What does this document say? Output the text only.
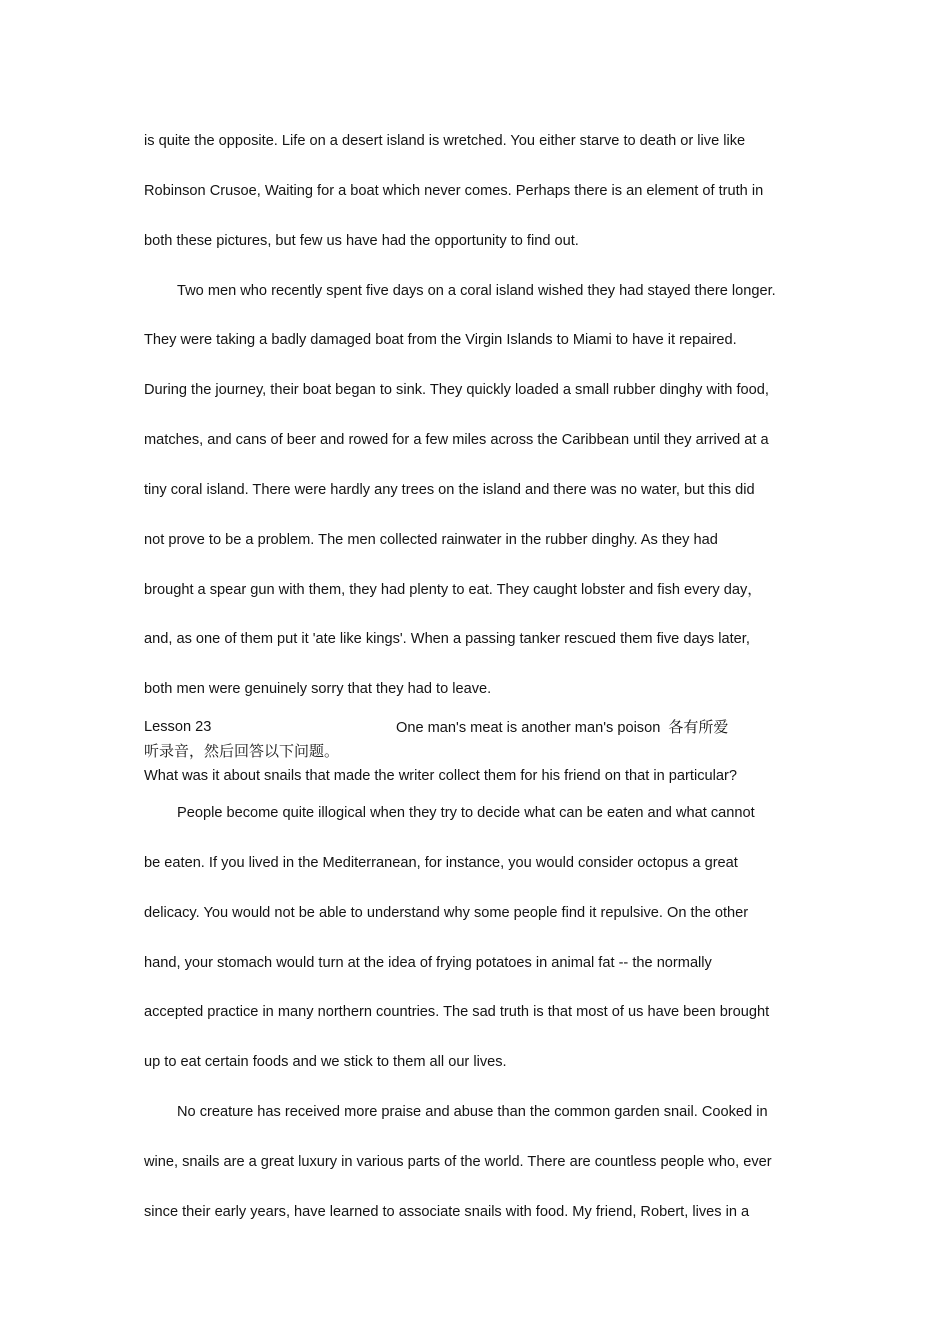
is quite the opposite. Life on a desert island is wretched. You either starve to death or live like
Robinson Crusoe, Waiting for a boat which never comes. Perhaps there is an element of truth in
both these pictures, but few us have had the opportunity to find out.
Two men who recently spent five days on a coral island wished they had stayed there longer.
They were taking a badly damaged boat from the Virgin Islands to Miami to have it repaired.
During the journey, their boat began to sink. They quickly loaded a small rubber dinghy with food,
matches, and cans of beer and rowed for a few miles across the Caribbean until they arrived at a
tiny coral island. There were hardly any trees on the island and there was no water, but this did
not prove to be a problem. The men collected rainwater in the rubber dinghy. As they had
brought a spear gun with them, they had plenty to eat. They caught lobster and fish every day，
and, as one of them put it 'ate like kings'. When a passing tanker rescued them five days later,
both men were genuinely sorry that they had to leave.
Lesson 23	One man's meat is another man's poison 各有所爱
听录音，然后回答以下问题。
What was it about snails that made the writer collect them for his friend on that in particular?
People become quite illogical when they try to decide what can be eaten and what cannot
be eaten. If you lived in the Mediterranean, for instance, you would consider octopus a great
delicacy. You would not be able to understand why some people find it repulsive. On the other
hand, your stomach would turn at the idea of frying potatoes in animal fat -- the normally
accepted practice in many northern countries. The sad truth is that most of us have been brought
up to eat certain foods and we stick to them all our lives.
No creature has received more praise and abuse than the common garden snail. Cooked in
wine, snails are a great luxury in various parts of the world. There are countless people who, ever
since their early years, have learned to associate snails with food. My friend, Robert, lives in a
